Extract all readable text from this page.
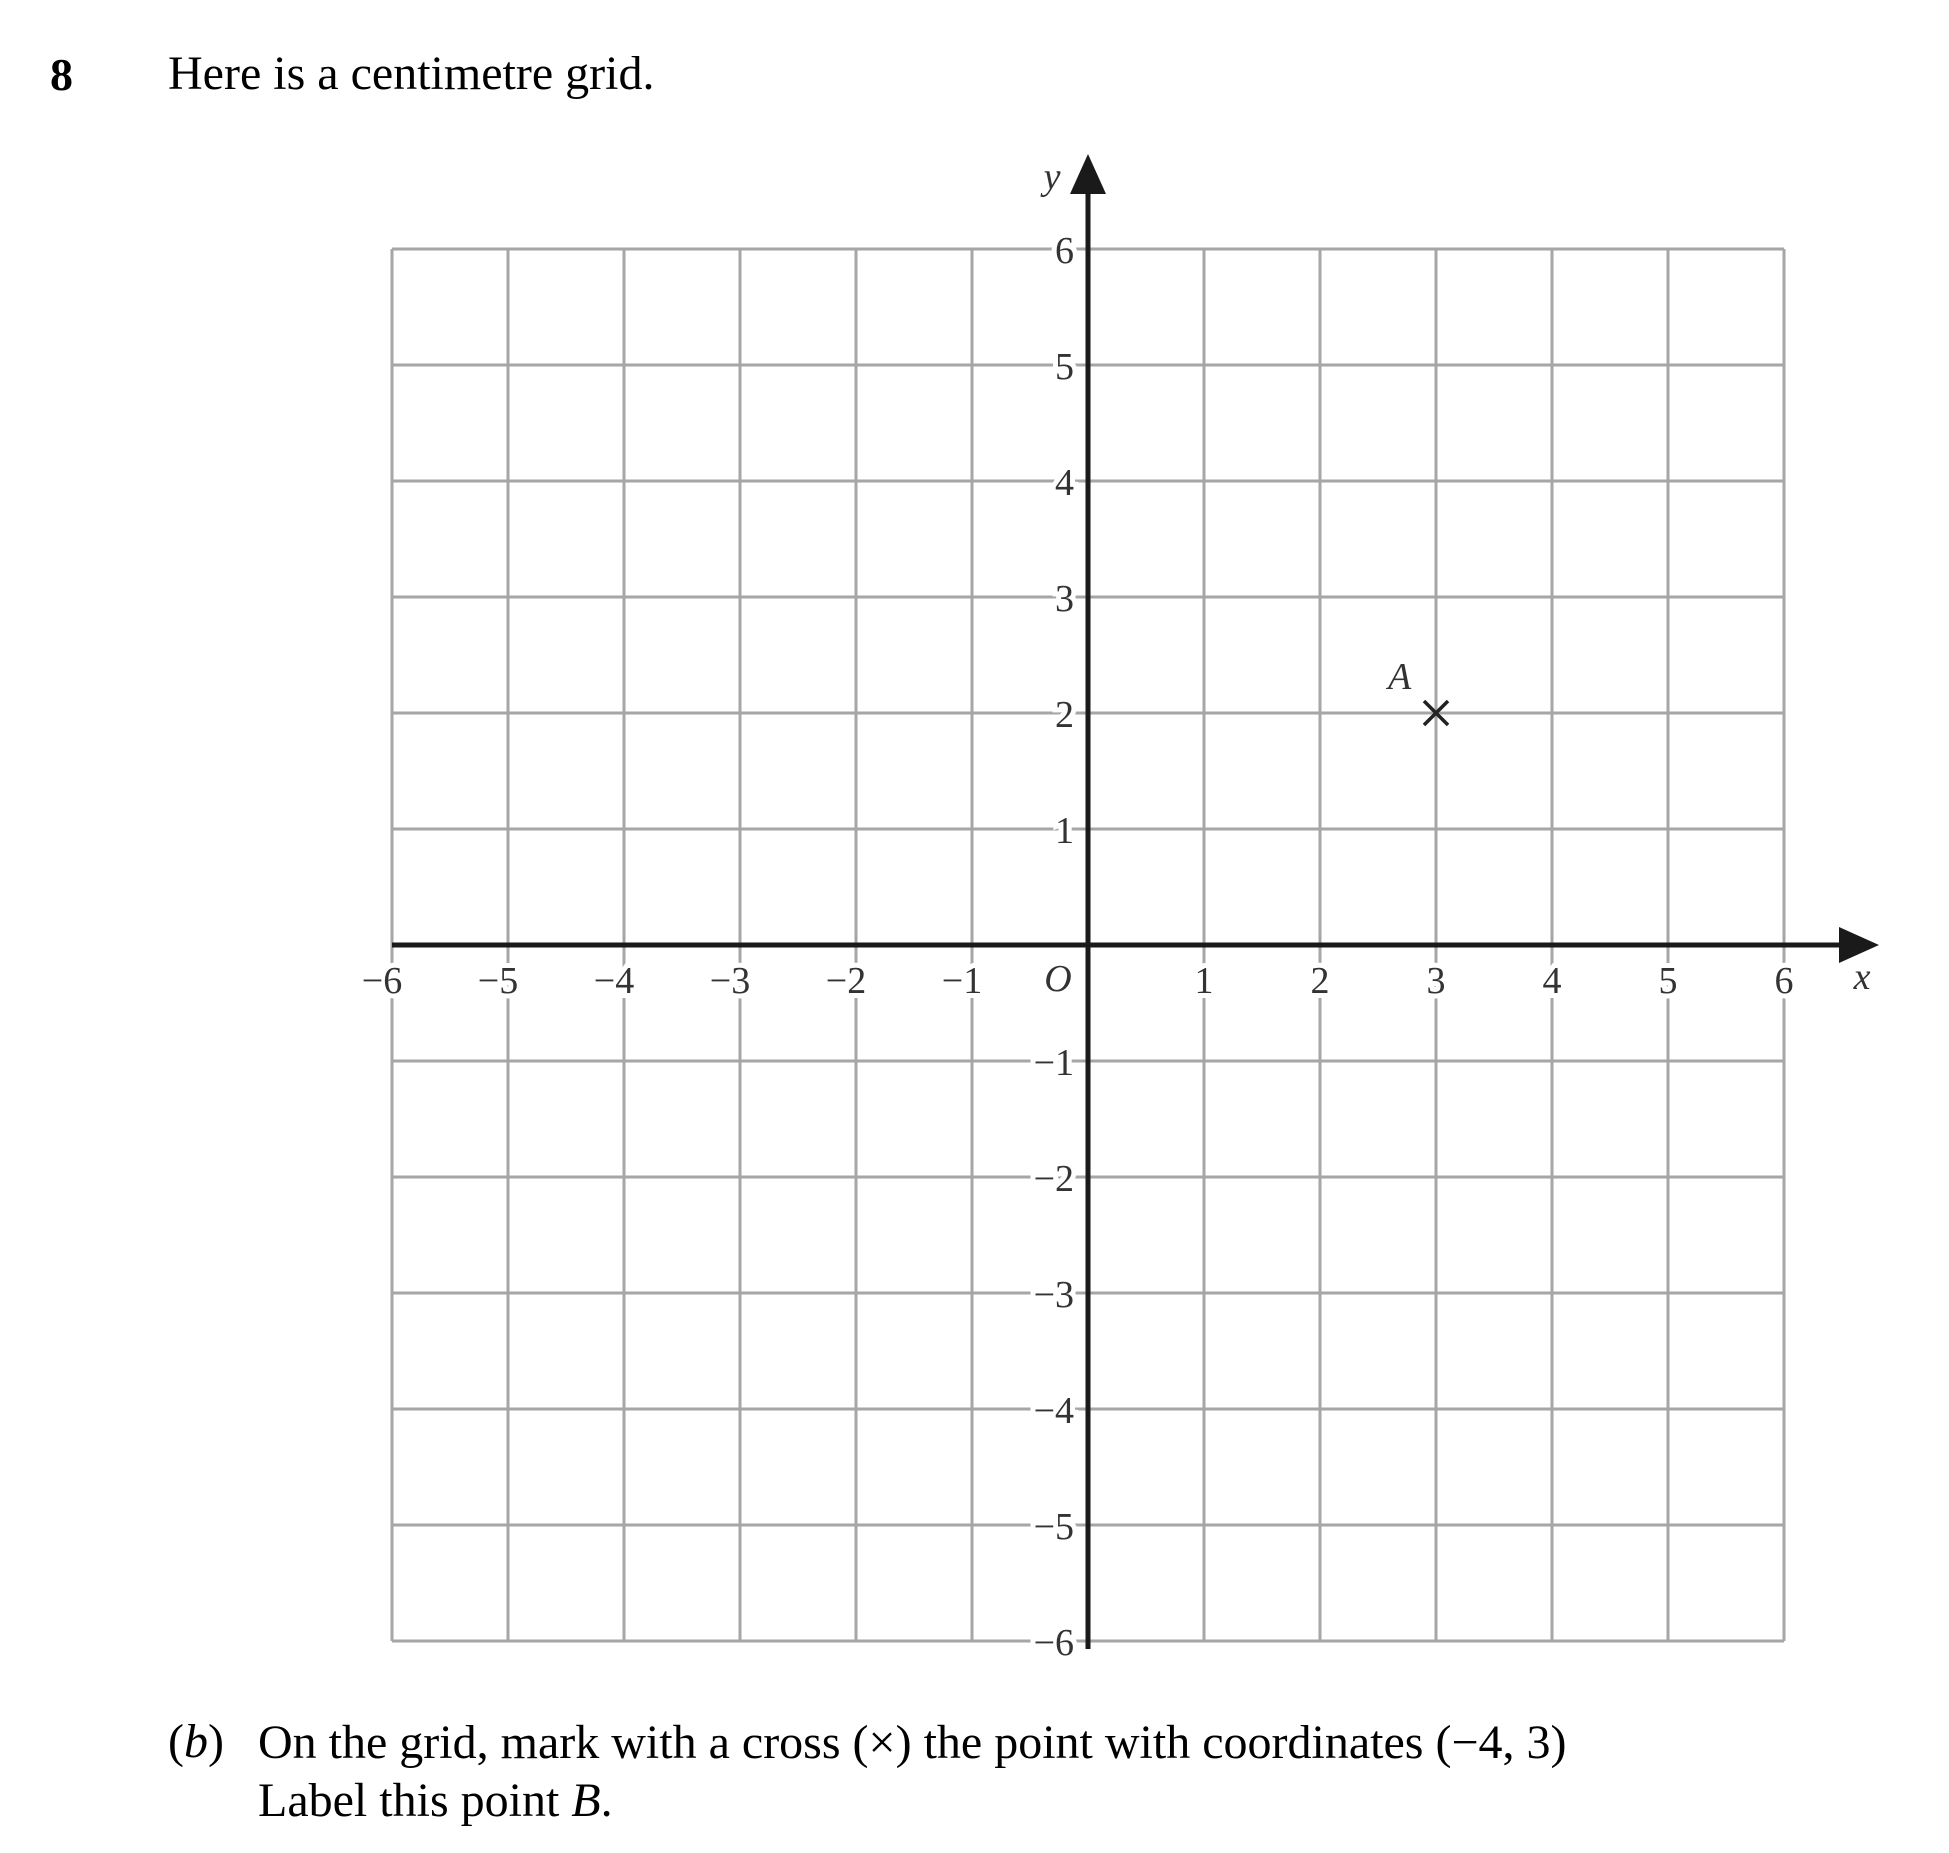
8 Here is a centimetre grid.
−6 −5 −4 −3 −2 −1	1	2	3	4	5	6
−6
−5
−4
−3
−2
−1
1
2
3
4
5
6
O	x
y
A
(b) On the grid, mark with a cross (×) the point with coordinates (−4, 3)
Label this point B.
